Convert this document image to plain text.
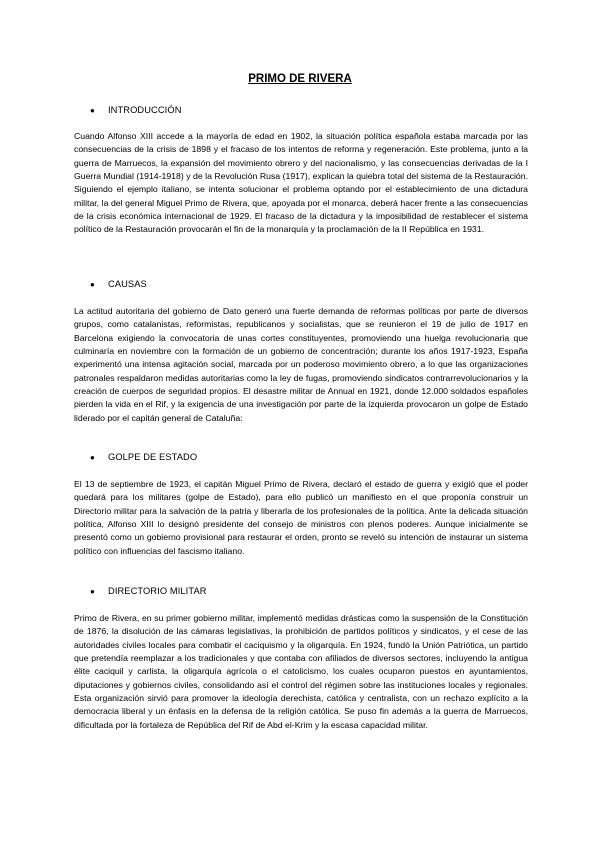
PRIMO DE RIVERA
● INTRODUCCIÓN

Cuando Alfonso XIII accede a la mayoría de edad en 1902, la situación política española estaba marcada por las consecuencias de la crisis de 1898 y el fracaso de los intentos de reforma y regeneración. Este problema, junto a la guerra de Marruecos, la expansión del movimiento obrero y del nacionalismo, y las consecuencias derivadas de la I Guerra Mundial (1914-1918) y de la Revolución Rusa (1917), explican la quiebra total del sistema de la Restauración. Siguiendo el ejemplo italiano, se intenta solucionar el problema optando por el establecimiento de una dictadura militar, la del general Miguel Primo de Rivera, que, apoyada por el monarca, deberá hacer frente a las consecuencias de la crisis económica internacional de 1929. El fracaso de la dictadura y la imposibilidad de restablecer el sistema político de la Restauración provocarán el fin de la monarquía y la proclamación de la II República en 1931.

● CAUSAS

La actitud autoritaria del gobierno de Dato generó una fuerte demanda de reformas políticas por parte de diversos grupos, como catalanistas, reformistas, republicanos y socialistas, que se reunieron el 19 de julio de 1917 en Barcelona exigiendo la convocatoria de unas cortes constituyentes, promoviendo una huelga revolucionaria que culminaría en noviembre con la formación de un gobierno de concentración; durante los años 1917-1923, España experimentó una intensa agitación social, marcada por un poderoso movimiento obrero, a lo que las organizaciones patronales respaldaron medidas autoritarias como la ley de fugas, promoviendo sindicatos contrarrevolucionarios y la creación de cuerpos de seguridad propios. El desastre militar de Annual en 1921, donde 12.000 soldados españoles pierden la vida en el Rif, y la exigencia de una investigación por parte de la izquierda provocaron un golpe de Estado liderado por el capitán general de Cataluña:

● GOLPE DE ESTADO

El 13 de septiembre de 1923, el capitán Miguel Primo de Rivera, declaró el estado de guerra y exigió que el poder quedará para los militares (golpe de Estado), para ello publicó un manifiesto en el que proponía construir un Directorio militar para la salvación de la patria y liberarla de los profesionales de la política. Ante la delicada situación política, Alfonso XIII lo designó presidente del consejo de ministros con plenos poderes. Aunque inicialmente se presentó como un gobierno provisional para restaurar el orden, pronto se reveló su intención de instaurar un sistema político con influencias del fascismo italiano.

● DIRECTORIO MILITAR

Primo de Rivera, en su primer gobierno militar, implementó medidas drásticas como la suspensión de la Constitución de 1876, la disolución de las cámaras legislativas, la prohibición de partidos políticos y sindicatos, y el cese de las autoridades civiles locales para combatir el caciquismo y la oligarquía. En 1924, fundó la Unión Patriótica, un partido que pretendía reemplazar a los tradicionales y que contaba con afiliados de diversos sectores, incluyendo la antigua élite caciquil y carlista, la oligarquía agrícola o el catolicismo, los cuales ocuparon puestos en ayuntamientos, diputaciones y gobiernos civiles, consolidando así el control del régimen sobre las instituciones locales y regionales. Esta organización sirvió para promover la ideología derechista, católica y centralista, con un rechazo explícito a la democracia liberal y un énfasis en la defensa de la religión católica. Se puso fin además a la guerra de Marruecos, dificultada por la fortaleza de República del Rif de Abd el-Krim y la escasa capacidad militar.
